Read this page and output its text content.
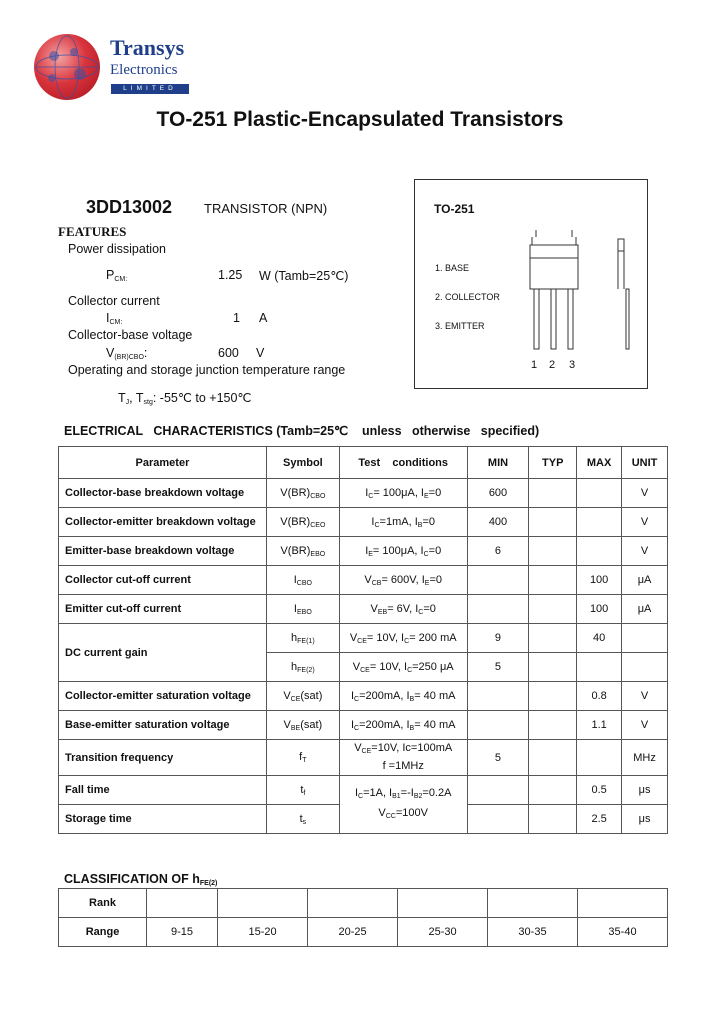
Transys
Electronics
LIMITED
TO-251 Plastic-Encapsulated Transistors
3DD13002 TRANSISTOR (NPN)
FEATURES
Power dissipation
$P_{CM:}$	1.25 W (Tamb=25℃)
Collector current
$I_{CM:}$	1 A
Collector-base voltage
$V_{(BR)CBO}$:	600 V
Operating and storage junction temperature range
$T_J$, $T_{stg}$: -55℃ to +150℃
TO-251
1. BASE
2. COLLECTOR
3. EMITTER
1 2 3
ELECTRICAL   CHARACTERISTICS (Tamb=25℃    unless   otherwise   specified)
Parameter	Symbol	Test    conditions	MIN	TYP	MAX	UNIT
Collector-base breakdown voltage	$V(BR)_{CBO}$	$I_C= 100\mu A$, $I_E=0$	600			V
Collector-emitter breakdown voltage	$V(BR)_{CEO}$	$I_C=1mA$, $I_B=0$	400			V
Emitter-base breakdown voltage	$V(BR)_{EBO}$	$I_E= 100\mu A$, $I_C=0$	6			V
Collector cut-off current	$I_{CBO}$	$V_{CB}= 600V$, $I_E=0$			100	μA
Emitter cut-off current	$I_{EBO}$	$V_{EB}= 6V$, $I_C=0$			100	μA
DC current gain	$h_{FE(1)}$	$V_{CE}= 10V$, $I_C= 200$ mA	9		40	
	$h_{FE(2)}$	$V_{CE}= 10V$, $I_C=250$ μA	5			
Collector-emitter saturation voltage	$V_{CE}(sat)$	$I_C=200mA$, $I_B= 40$ mA			0.8	V
Base-emitter saturation voltage	$V_{BE}(sat)$	$I_C=200mA$, $I_B= 40$ mA			1.1	V
Transition frequency	$f_T$	$V_{CE}=10V$, Ic=100mA
f =1MHz	5			MHz
Fall time	$t_f$	$I_C=1A$, $I_{B1}=-I_{B2}=0.2A$
$V_{CC}=100V$			0.5	μs
Storage time	$t_s$				2.5	μs
CLASSIFICATION OF $h_{FE(2)}$
Rank						
Range	9-15	15-20	20-25	25-30	30-35	35-40
